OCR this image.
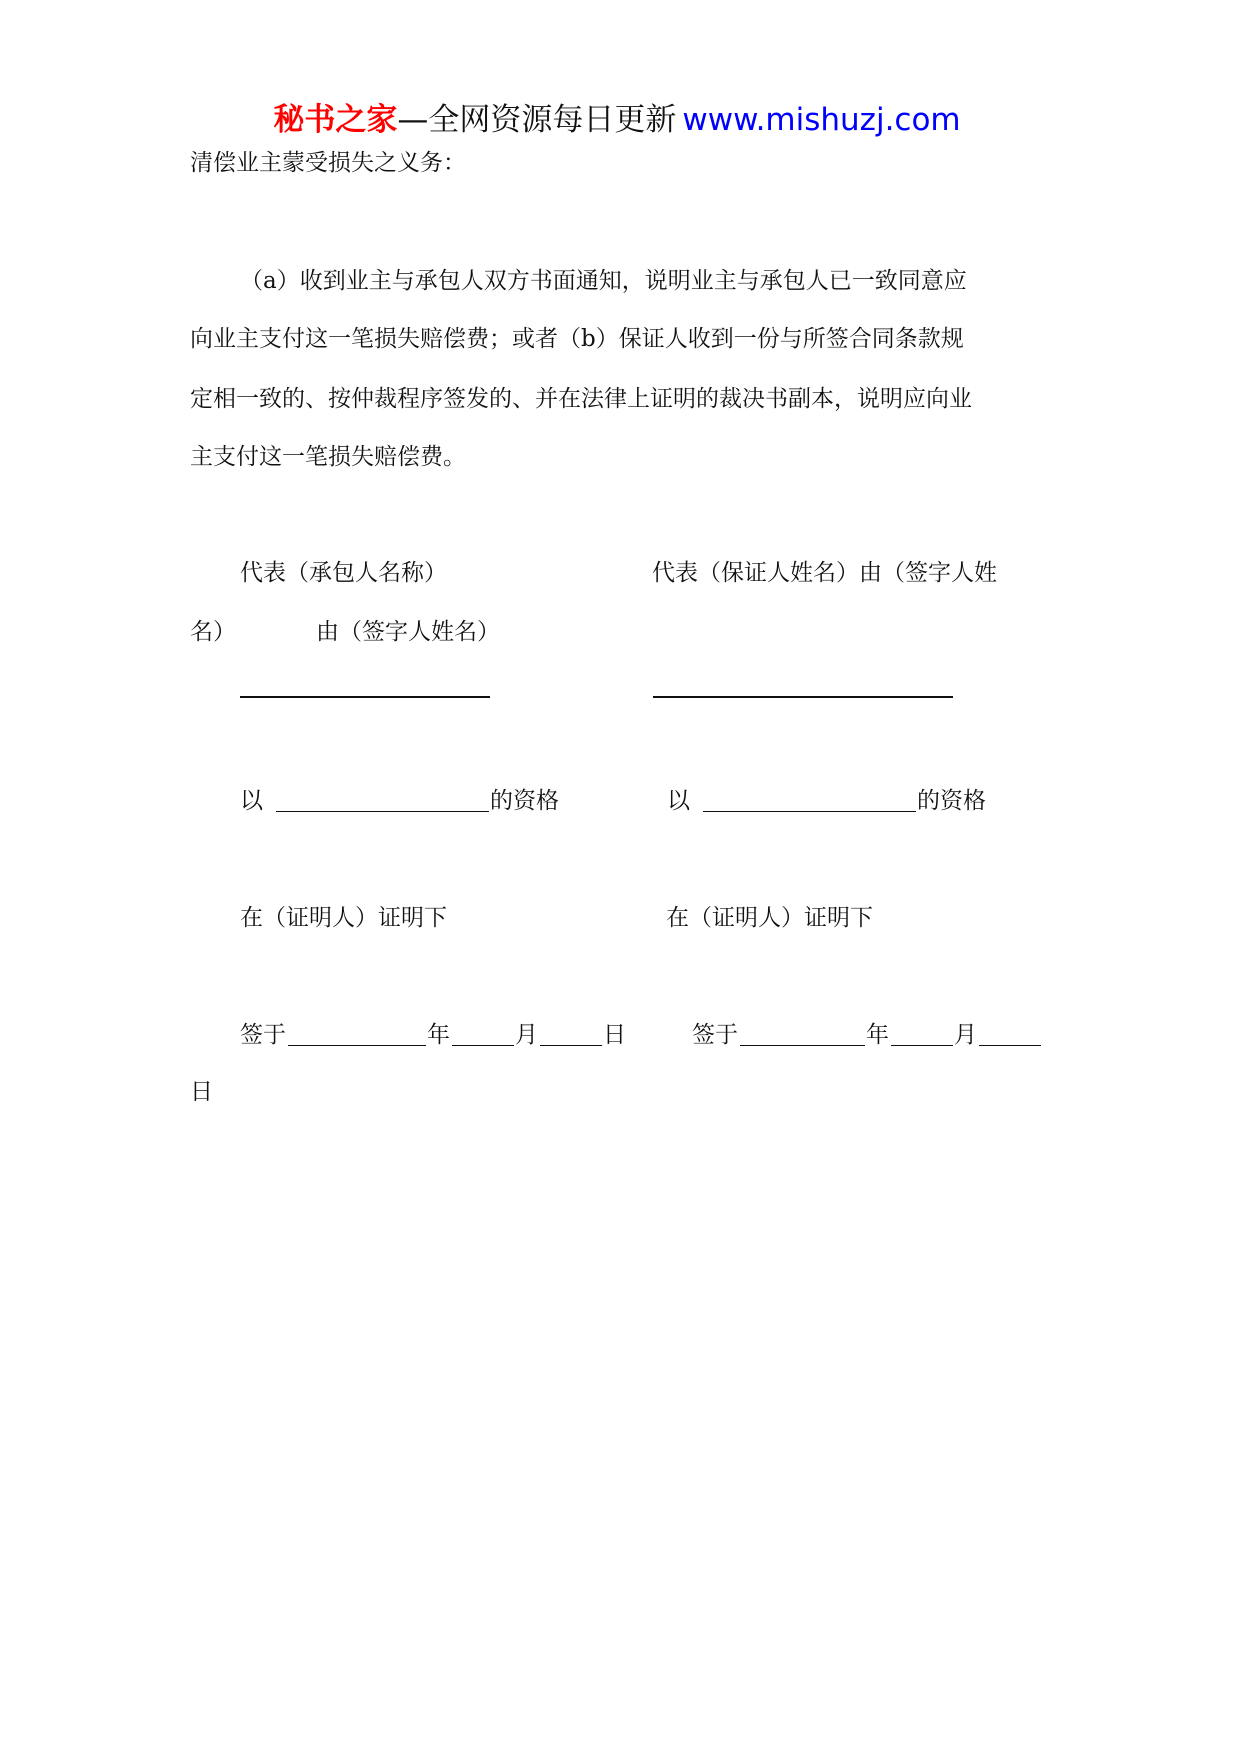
秘书之家—全网资源每日更新 www.mishuzj.com
清偿业主蒙受损失之义务：
（a）收到业主与承包人双方书面通知，说明业主与承包人已一致同意应
向业主支付这一笔损失赔偿费；或者（b）保证人收到一份与所签合同条款规
定相一致的、按仲裁程序签发的、并在法律上证明的裁决书副本，说明应向业
主支付这一笔损失赔偿费。
代表（承包人名称）	代表（保证人姓名）由（签字人姓
名）	由（签字人姓名）
以	的资格	以	的资格
在（证明人）证明下	在（证明人）证明下
签于	年	月	日	签于	年	月
日
